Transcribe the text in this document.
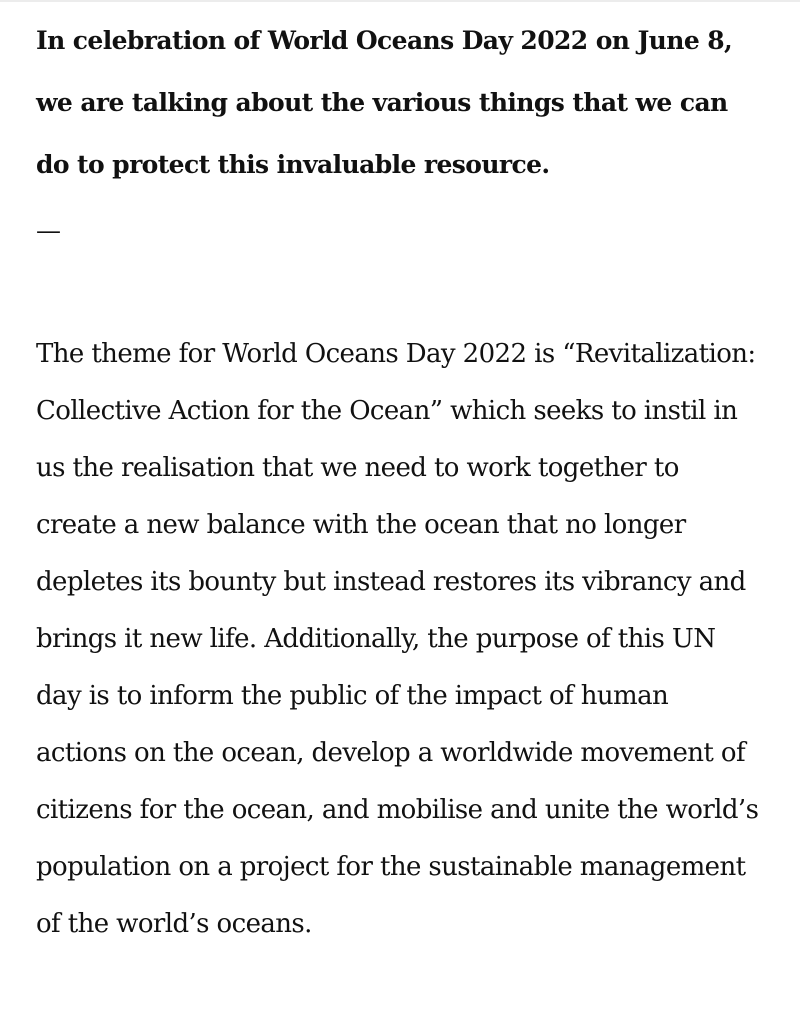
In celebration of World Oceans Day 2022 on June 8, we are talking about the various things that we can do to protect this invaluable resource.

—

The theme for World Oceans Day 2022 is “Revitalization: Collective Action for the Ocean” which seeks to instil in us the realisation that we need to work together to create a new balance with the ocean that no longer depletes its bounty but instead restores its vibrancy and brings it new life. Additionally, the purpose of this UN day is to inform the public of the impact of human actions on the ocean, develop a worldwide movement of citizens for the ocean, and mobilise and unite the world’s population on a project for the sustainable management of the world’s oceans.
